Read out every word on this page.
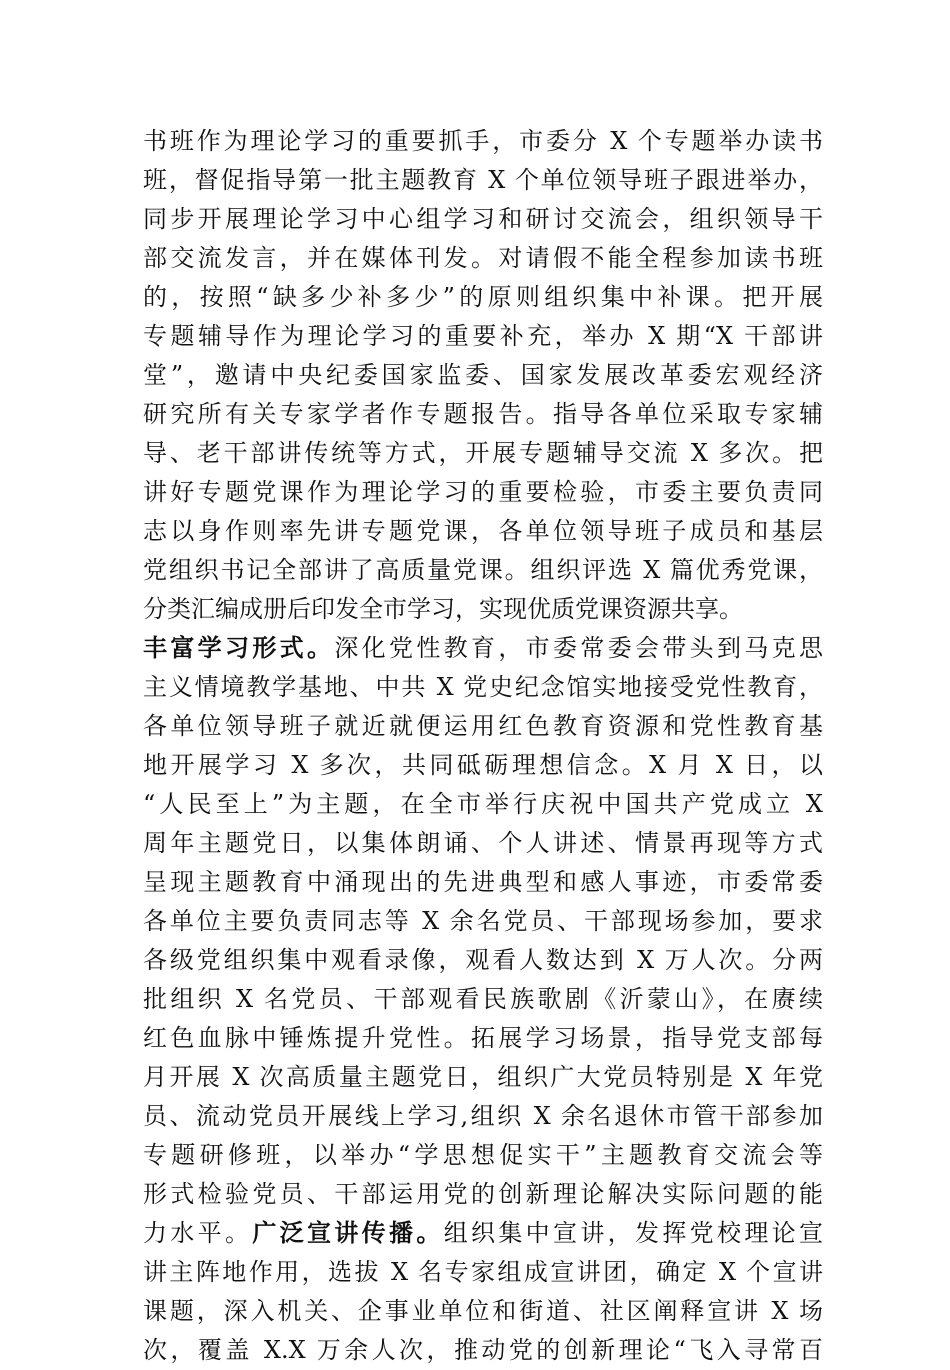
书班作为理论学习的重要抓手，市委分 X 个专题举办读书
班，督促指导第一批主题教育 X 个单位领导班子跟进举办，
同步开展理论学习中心组学习和研讨交流会，组织领导干
部交流发言，并在媒体刊发。对请假不能全程参加读书班
的，按照“缺多少补多少”的原则组织集中补课。把开展
专题辅导作为理论学习的重要补充，举办 X 期“X 干部讲
堂”，邀请中央纪委国家监委、国家发展改革委宏观经济
研究所有关专家学者作专题报告。指导各单位采取专家辅
导、老干部讲传统等方式，开展专题辅导交流 X 多次。把
讲好专题党课作为理论学习的重要检验，市委主要负责同
志以身作则率先讲专题党课，各单位领导班子成员和基层
党组织书记全部讲了高质量党课。组织评选 X 篇优秀党课，
分类汇编成册后印发全市学习，实现优质党课资源共享。
丰富学习形式。深化党性教育，市委常委会带头到马克思
主义情境教学基地、中共 X 党史纪念馆实地接受党性教育，
各单位领导班子就近就便运用红色教育资源和党性教育基
地开展学习 X 多次，共同砥砺理想信念。X 月 X 日，以
“人民至上”为主题，在全市举行庆祝中国共产党成立 X
周年主题党日，以集体朗诵、个人讲述、情景再现等方式
呈现主题教育中涌现出的先进典型和感人事迹，市委常委
各单位主要负责同志等 X 余名党员、干部现场参加，要求
各级党组织集中观看录像，观看人数达到 X 万人次。分两
批组织 X 名党员、干部观看民族歌剧《沂蒙山》，在赓续
红色血脉中锤炼提升党性。拓展学习场景，指导党支部每
月开展 X 次高质量主题党日，组织广大党员特别是 X 年党
员、流动党员开展线上学习,组织 X 余名退休市管干部参加
专题研修班，以举办“学思想促实干”主题教育交流会等
形式检验党员、干部运用党的创新理论解决实际问题的能
力水平。广泛宣讲传播。组织集中宣讲，发挥党校理论宣
讲主阵地作用，选拔 X 名专家组成宣讲团，确定 X 个宣讲
课题，深入机关、企事业单位和街道、社区阐释宣讲 X 场
次，覆盖 X.X 万余人次，推动党的创新理论“飞入寻常百
